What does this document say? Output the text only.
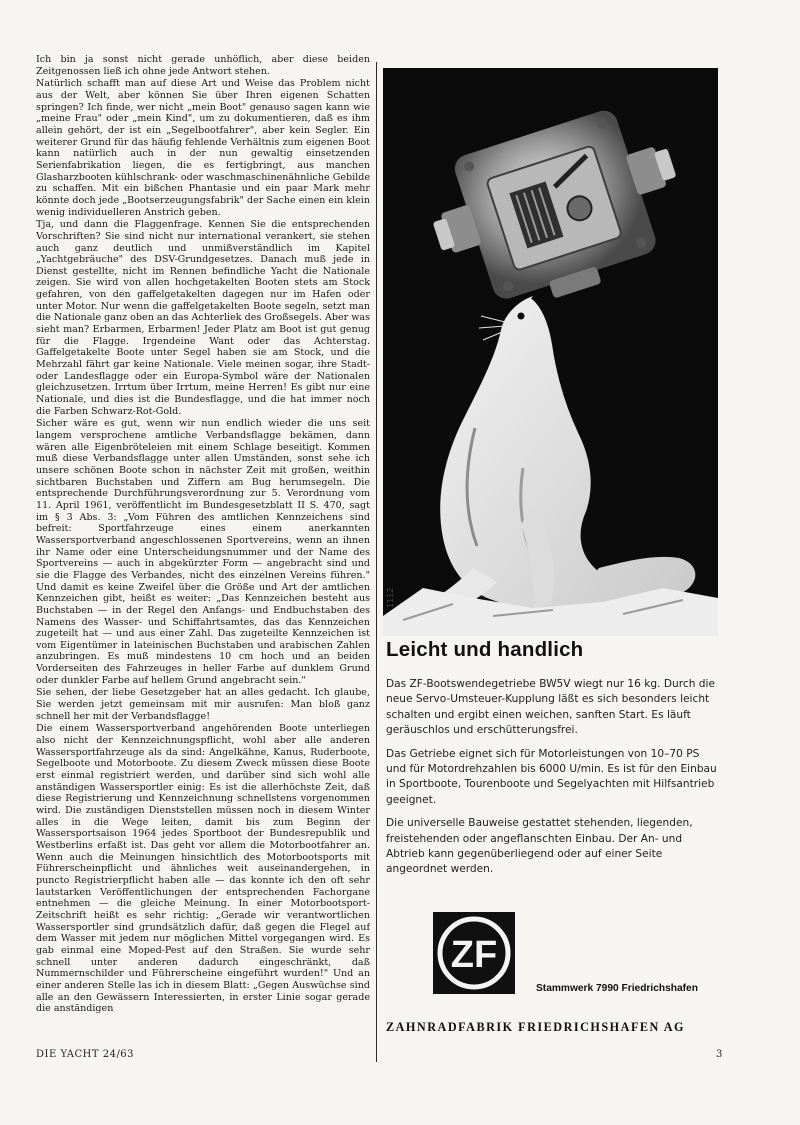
Ich bin ja sonst nicht gerade unhöflich, aber diese beiden Zeitgenossen ließ ich ohne jede Antwort stehen.

Natürlich schafft man auf diese Art und Weise das Problem nicht aus der Welt, aber können Sie über Ihren eigenen Schatten springen? Ich finde, wer nicht „mein Boot" genauso sagen kann wie „meine Frau" oder „mein Kind", um zu dokumentieren, daß es ihm allein gehört, der ist ein „Segelbootfahrer", aber kein Segler. Ein weiterer Grund für das häufig fehlende Verhältnis zum eigenen Boot kann natürlich auch in der nun gewaltig einsetzenden Serienfabrikation liegen, die es fertigbringt, aus manchen Glasharzbooten kühlschrank- oder waschmaschinenähnliche Gebilde zu schaffen. Mit ein bißchen Phantasie und ein paar Mark mehr könnte doch jede „Bootserzeugungsfabrik" der Sache einen ein klein wenig individuelleren Anstrich geben.

Tja, und dann die Flaggenfrage. Kennen Sie die entsprechenden Vorschriften? Sie sind nicht nur international verankert, sie stehen auch ganz deutlich und unmißverständlich im Kapitel „Yachtgebräuche" des DSV-Grundgesetzes. Danach muß jede in Dienst gestellte, nicht im Rennen befindliche Yacht die Nationale zeigen. Sie wird von allen hochgetakelten Booten stets am Stock gefahren, von den gaffelgetakelten dagegen nur im Hafen oder unter Motor. Nur wenn die gaffelgetakelten Boote segeln, setzt man die Nationale ganz oben an das Achterliek des Großsegels. Aber was sieht man? Erbarmen, Erbarmen! Jeder Platz am Boot ist gut genug für die Flagge. Irgendeine Want oder das Achterstag. Gaffelgetakelte Boote unter Segel haben sie am Stock, und die Mehrzahl fährt gar keine Nationale. Viele meinen sogar, ihre Stadt- oder Landesflagge oder ein Europa-Symbol wäre der Nationalen gleichzusetzen. Irrtum über Irrtum, meine Herren! Es gibt nur eine Nationale, und dies ist die Bundesflagge, und die hat immer noch die Farben Schwarz-Rot-Gold.

Sicher wäre es gut, wenn wir nun endlich wieder die uns seit langem versprochene amtliche Verbandsflagge bekämen, dann wären alle Eigenbröteleien mit einem Schlage beseitigt. Kommen muß diese Verbandsflagge unter allen Umständen, sonst sehe ich unsere schönen Boote schon in nächster Zeit mit großen, weithin sichtbaren Buchstaben und Ziffern am Bug herumsegeln. Die entsprechende Durchführungsverordnung zur 5. Verordnung vom 11. April 1961, veröffentlicht im Bundesgesetzblatt II S. 470, sagt im § 3 Abs. 3: „Vom Führen des amtlichen Kennzeichens sind befreit: Sportfahrzeuge eines einem anerkannten Wassersportverband angeschlossenen Sportvereins, wenn an ihnen ihr Name oder eine Unterscheidungsnummer und der Name des Sportvereins — auch in abgekürzter Form — angebracht sind und sie die Flagge des Verbandes, nicht des einzelnen Vereins führen." Und damit es keine Zweifel über die Größe und Art der amtlichen Kennzeichen gibt, heißt es weiter: „Das Kennzeichen besteht aus Buchstaben — in der Regel den Anfangs- und Endbuchstaben des Namens des Wasser- und Schiffahrtsamtes, das das Kennzeichen zugeteilt hat — und aus einer Zahl. Das zugeteilte Kennzeichen ist vom Eigentümer in lateinischen Buchstaben und arabischen Zahlen anzubringen. Es muß mindestens 10 cm hoch und an beiden Vorderseiten des Fahrzeuges in heller Farbe auf dunklem Grund oder dunkler Farbe auf hellem Grund angebracht sein."

Sie sehen, der liebe Gesetzgeber hat an alles gedacht. Ich glaube, Sie werden jetzt gemeinsam mit mir ausrufen: Man bloß ganz schnell her mit der Verbandsflagge!

Die einem Wassersportverband angehörenden Boote unterliegen also nicht der Kennzeichnungspflicht, wohl aber alle anderen Wassersportfahrzeuge als da sind: Angelkähne, Kanus, Ruderboote, Segelboote und Motorboote. Zu diesem Zweck müssen diese Boote erst einmal registriert werden, und darüber sind sich wohl alle anständigen Wassersportler einig: Es ist die allerhöchste Zeit, daß diese Registrierung und Kennzeichnung schnellstens vorgenommen wird. Die zuständigen Dienststellen müssen noch in diesem Winter alles in die Wege leiten, damit bis zum Beginn der Wassersportsaison 1964 jedes Sportboot der Bundesrepublik und Westberlins erfaßt ist. Das geht vor allem die Motorbootfahrer an. Wenn auch die Meinungen hinsichtlich des Motorbootsports mit Führerscheinpflicht und ähnliches weit auseinandergehen, in puncto Registrierpflicht haben alle — das konnte ich den oft sehr lautstarken Veröffentlichungen der entsprechenden Fachorgane entnehmen — die gleiche Meinung. In einer Motorbootsport-Zeitschrift heißt es sehr richtig: „Gerade wir verantwortlichen Wassersportler sind grundsätzlich dafür, daß gegen die Flegel auf dem Wasser mit jedem nur möglichen Mittel vorgegangen wird. Es gab einmal eine Moped-Pest auf den Straßen. Sie wurde sehr schnell unter anderen dadurch eingeschränkt, daß Nummernschilder und Führerscheine eingeführt wurden!" Und an einer anderen Stelle las ich in diesem Blatt: „Gegen Auswüchse sind alle an den Gewässern Interessierten, in erster Linie sogar gerade die anständigen

DIE YACHT 24/63	3
1112
Leicht und handlich

Das ZF-Bootswendegetriebe BW5V wiegt nur 16 kg. Durch die neue Servo-Umsteuer-Kupplung läßt es sich besonders leicht schalten und ergibt einen weichen, sanften Start. Es läuft geräuschlos und erschütterungsfrei.

Das Getriebe eignet sich für Motorleistungen von 10–70 PS und für Motordrehzahlen bis 6000 U/min. Es ist für den Einbau in Sportboote, Tourenboote und Segelyachten mit Hilfsantrieb geeignet.

Die universelle Bauweise gestattet stehenden, liegenden, freistehenden oder angeflanschten Einbau. Der An- und Abtrieb kann gegenüberliegend oder auf einer Seite angeordnet werden.

ZF
Stammwerk 7990 Friedrichshafen
ZAHNRADFABRIK FRIEDRICHSHAFEN AG
